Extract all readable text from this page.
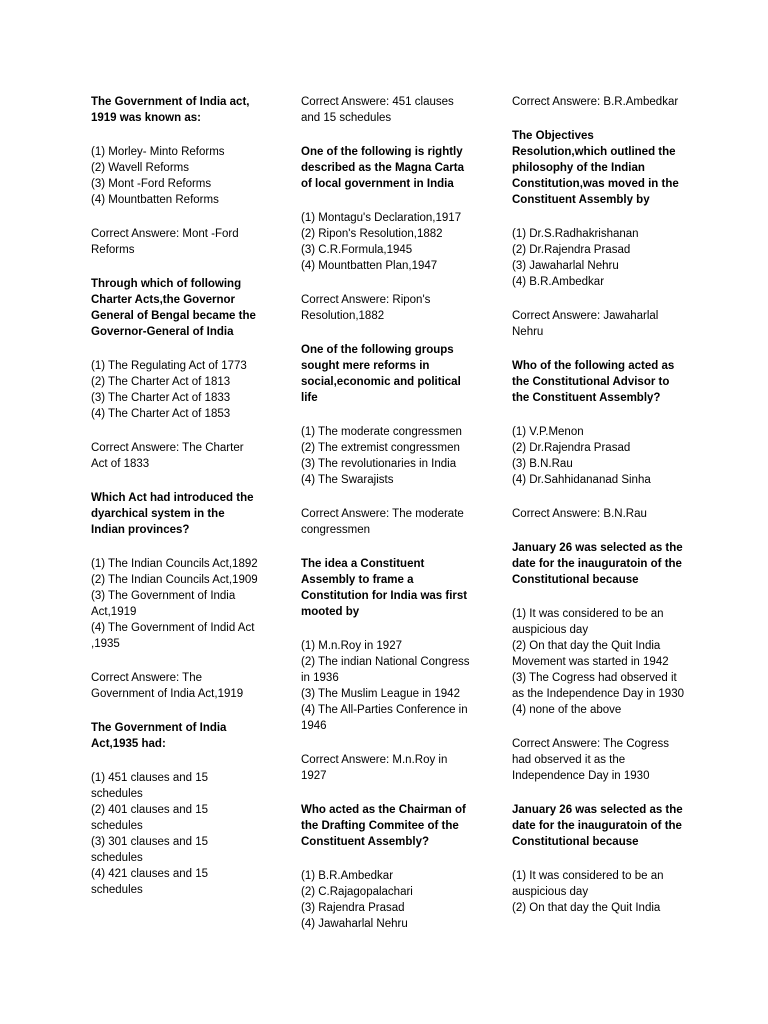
The Government of India act, 1919 was known as:
(1) Morley- Minto Reforms
(2) Wavell Reforms
(3) Mont -Ford Reforms
(4) Mountbatten Reforms
Correct Answere: Mont -Ford Reforms
Through which of following Charter Acts,the Governor General of Bengal became the Governor-General of India
(1) The Regulating Act of 1773
(2) The Charter Act of 1813
(3) The Charter Act of 1833
(4) The Charter Act of 1853
Correct Answere: The Charter Act of 1833
Which Act had introduced the dyarchical system in the Indian provinces?
(1) The Indian Councils Act,1892
(2) The Indian Councils Act,1909
(3) The Government of India Act,1919
(4) The Government of Indid Act ,1935
Correct Answere: The Government of India Act,1919
The Government of India Act,1935 had:
(1) 451 clauses and 15 schedules
(2) 401 clauses and 15 schedules
(3) 301 clauses and 15 schedules
(4) 421 clauses and 15 schedules
Correct Answere: 451 clauses and 15 schedules
One of the following is rightly described as the Magna Carta of local government in India
(1) Montagu's Declaration,1917
(2) Ripon's Resolution,1882
(3) C.R.Formula,1945
(4) Mountbatten Plan,1947
Correct Answere: Ripon's Resolution,1882
One of the following groups sought mere reforms in social,economic and political life
(1) The moderate congressmen
(2) The extremist congressmen
(3) The revolutionaries in India
(4) The Swarajists
Correct Answere: The moderate congressmen
The idea a Constituent Assembly to frame a Constitution for India was first mooted by
(1) M.n.Roy in 1927
(2) The indian National Congress in 1936
(3) The Muslim League in 1942
(4) The All-Parties Conference in 1946
Correct Answere: M.n.Roy in 1927
Who acted as the Chairman of the Drafting Commitee of the Constituent Assembly?
(1) B.R.Ambedkar
(2) C.Rajagopalachari
(3) Rajendra Prasad
(4) Jawaharlal Nehru
Correct Answere: B.R.Ambedkar
The Objectives Resolution,which outlined the philosophy of the Indian Constitution,was moved in the Constituent Assembly by
(1) Dr.S.Radhakrishanan
(2) Dr.Rajendra Prasad
(3) Jawaharlal Nehru
(4) B.R.Ambedkar
Correct Answere: Jawaharlal Nehru
Who of the following acted as the Constitutional Advisor to the Constituent Assembly?
(1) V.P.Menon
(2) Dr.Rajendra Prasad
(3) B.N.Rau
(4) Dr.Sahhidananad Sinha
Correct Answere: B.N.Rau
January 26 was selected as the date for the inauguratoin of the Constitutional because
(1) It was considered to be an auspicious day
(2) On that day the Quit India Movement was started in 1942
(3) The Cogress had observed it as the Independence Day in 1930
(4) none of the above
Correct Answere: The Cogress had observed it as the Independence Day in 1930
January 26 was selected as the date for the inauguratoin of the Constitutional because
(1) It was considered to be an auspicious day
(2) On that day the Quit India
